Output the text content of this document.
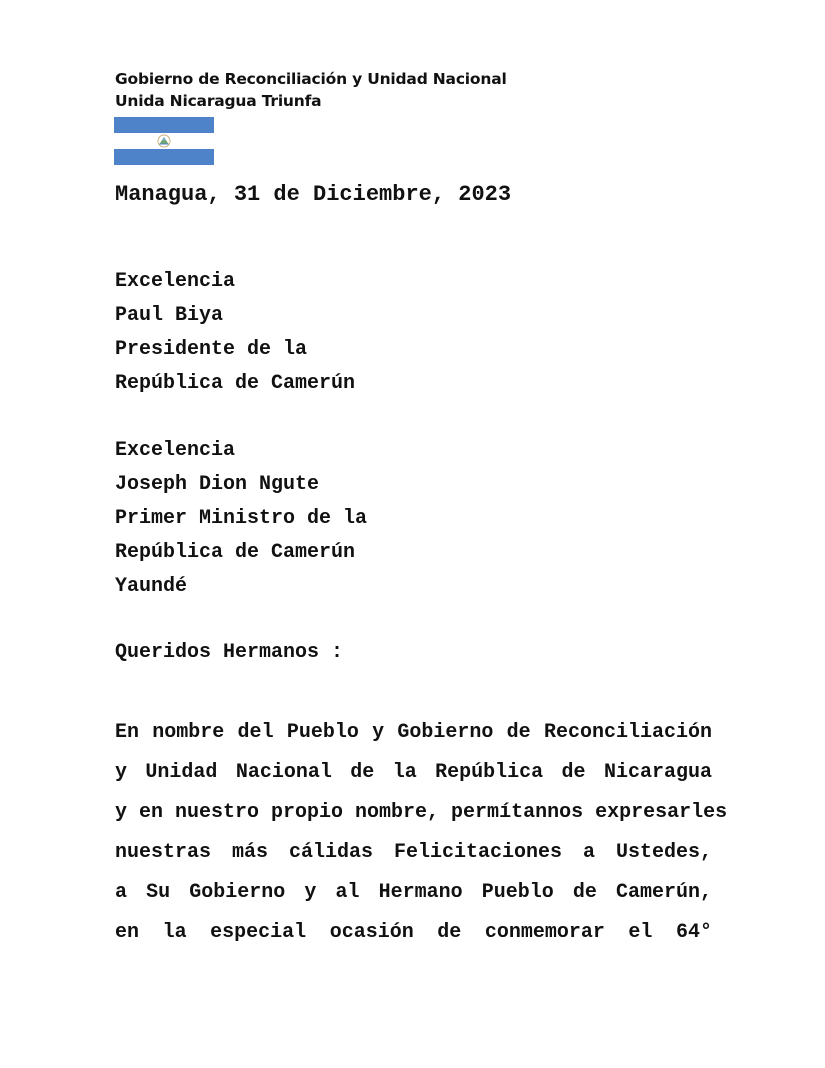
Gobierno de Reconciliación y Unidad Nacional
Unida Nicaragua Triunfa
Managua, 31 de Diciembre, 2023
Excelencia
Paul Biya
Presidente de la
República de Camerún
Excelencia
Joseph Dion Ngute
Primer Ministro de la
República de Camerún
Yaundé
Queridos Hermanos :
En nombre del Pueblo y Gobierno de Reconciliación
y Unidad Nacional de la República de Nicaragua
y en nuestro propio nombre, permítannos expresarles
nuestras más cálidas Felicitaciones a Ustedes,
a Su Gobierno y al Hermano Pueblo de Camerún,
en la especial ocasión de conmemorar el 64°
